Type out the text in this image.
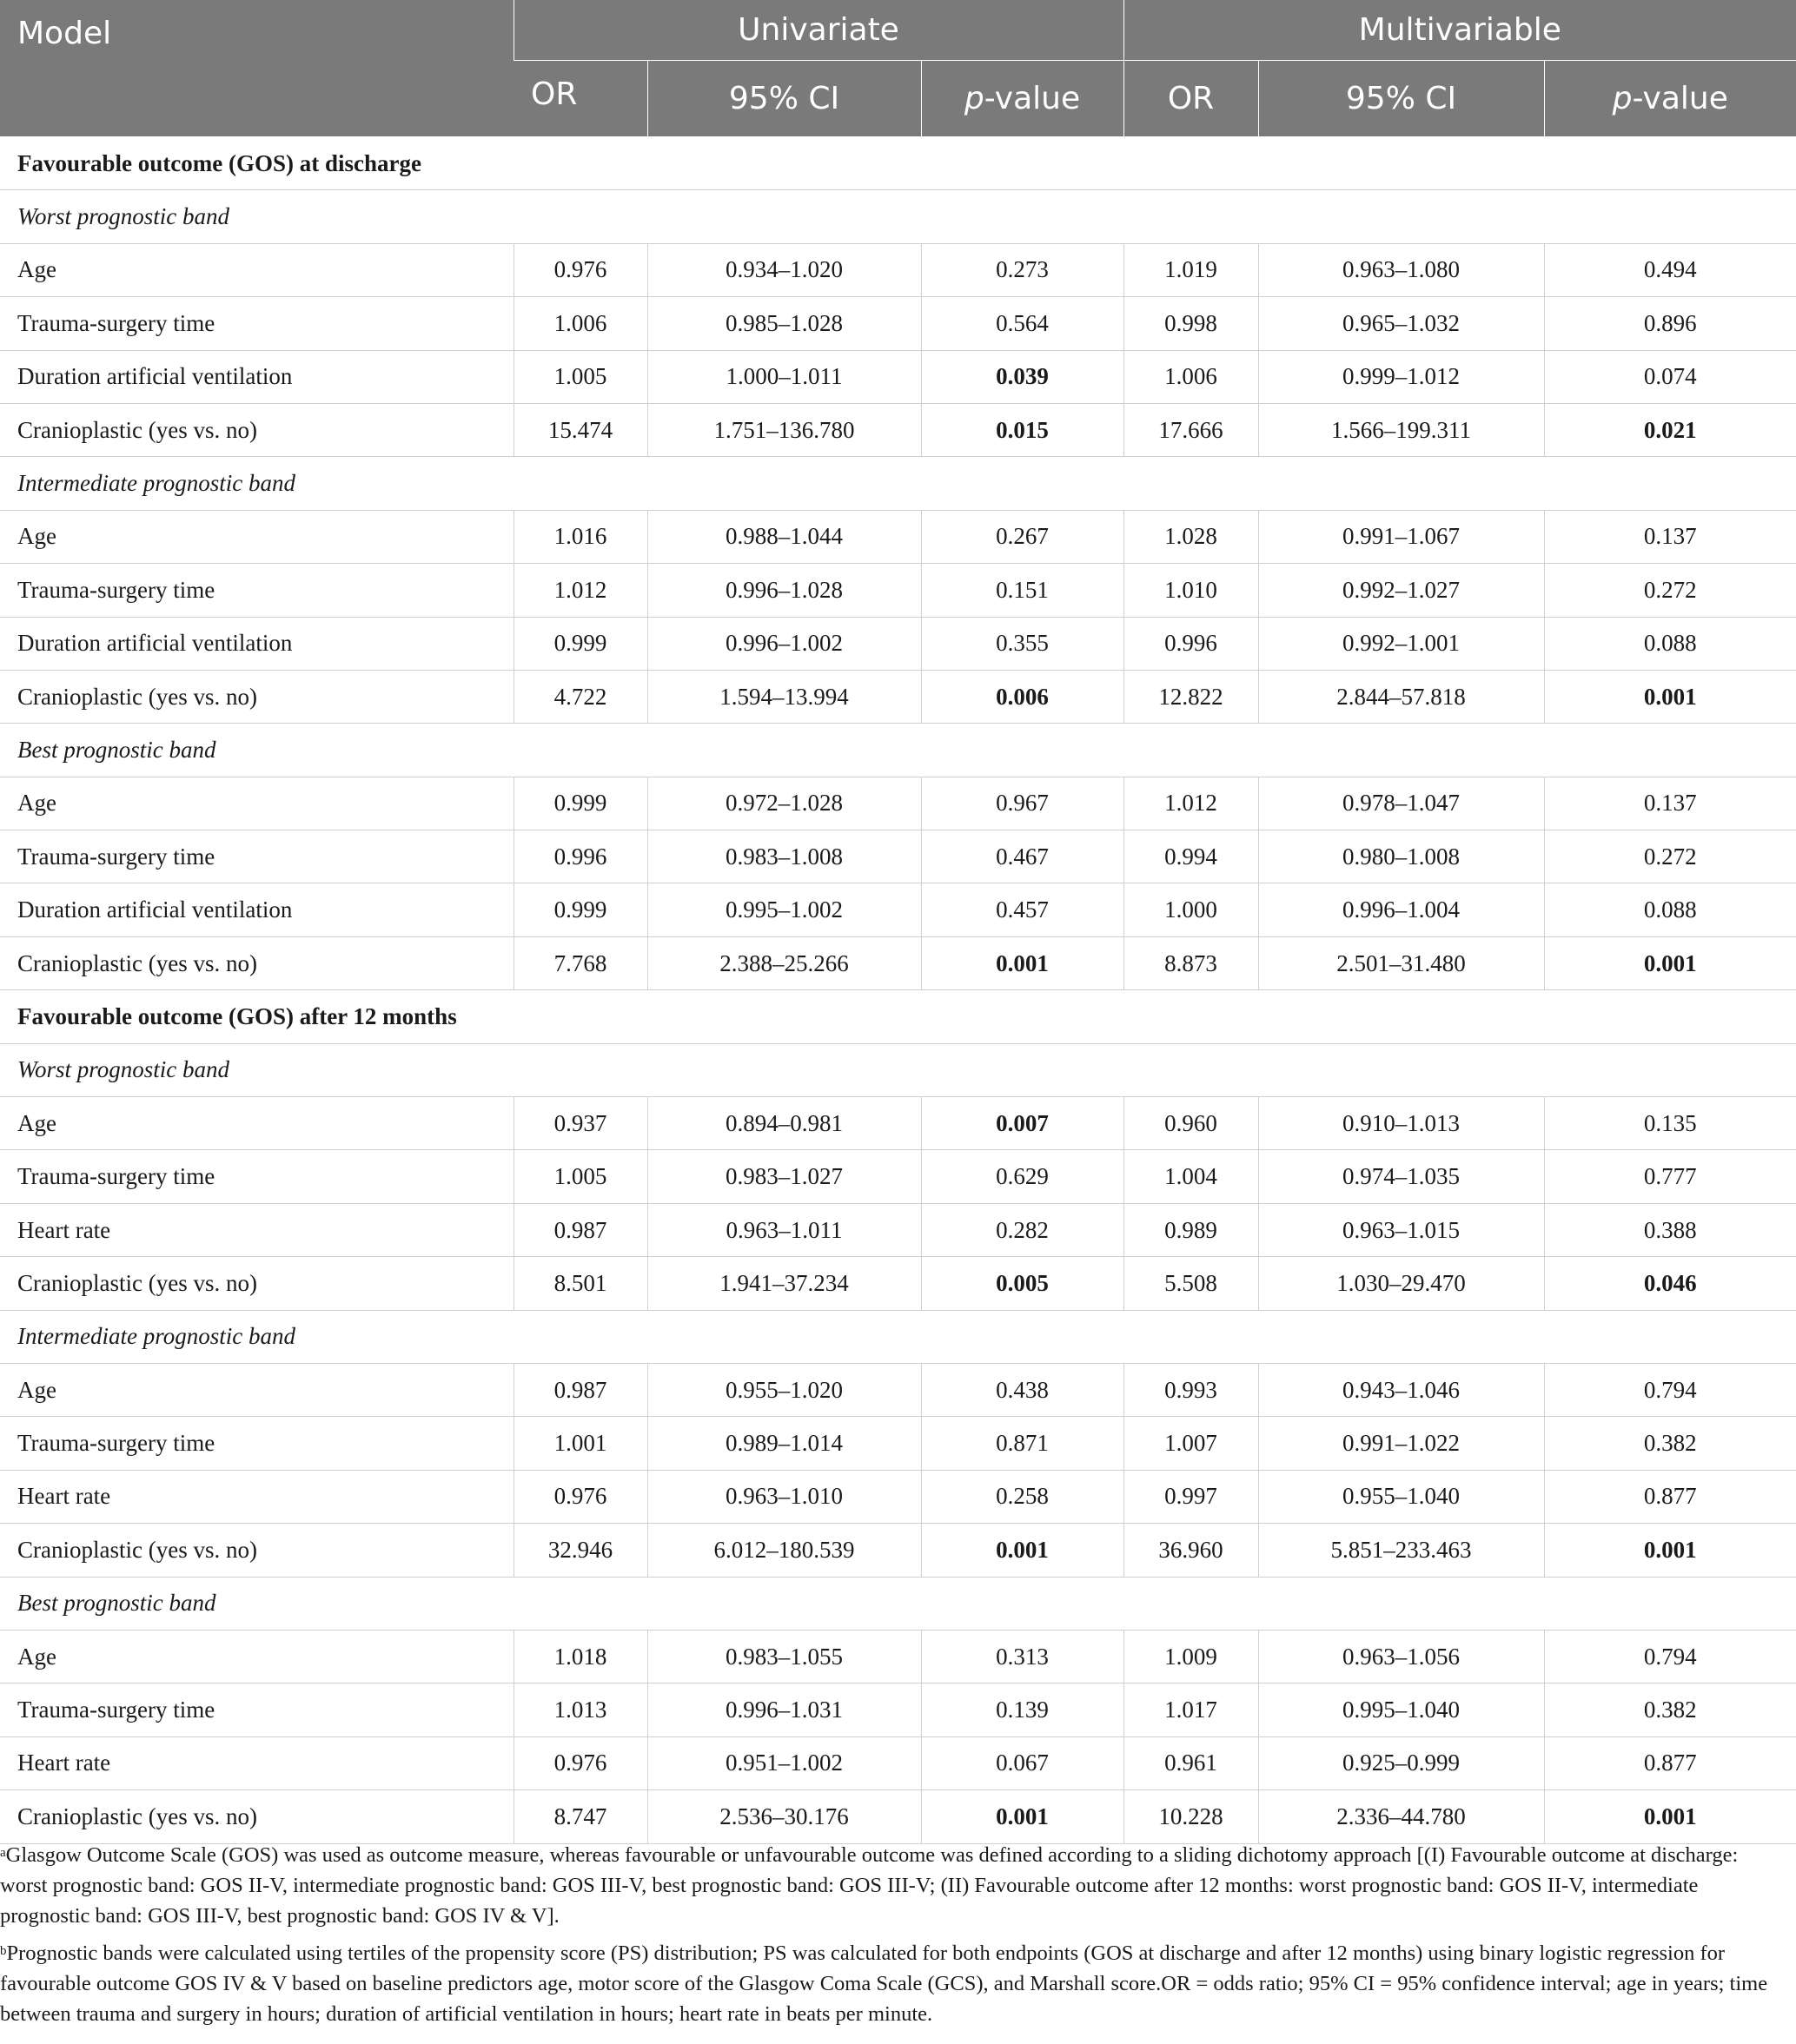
Model	Univariate			Multivariable		
	OR	95% CI	p-value	OR	95% CI	p-value
Favourable outcome (GOS) at discharge						
Worst prognostic band						
Age	0.976	0.934–1.020	0.273	1.019	0.963–1.080	0.494
Trauma-surgery time	1.006	0.985–1.028	0.564	0.998	0.965–1.032	0.896
Duration artificial ventilation	1.005	1.000–1.011	0.039	1.006	0.999–1.012	0.074
Cranioplastic (yes vs. no)	15.474	1.751–136.780	0.015	17.666	1.566–199.311	0.021
Intermediate prognostic band						
Age	1.016	0.988–1.044	0.267	1.028	0.991–1.067	0.137
Trauma-surgery time	1.012	0.996–1.028	0.151	1.010	0.992–1.027	0.272
Duration artificial ventilation	0.999	0.996–1.002	0.355	0.996	0.992–1.001	0.088
Cranioplastic (yes vs. no)	4.722	1.594–13.994	0.006	12.822	2.844–57.818	0.001
Best prognostic band						
Age	0.999	0.972–1.028	0.967	1.012	0.978–1.047	0.137
Trauma-surgery time	0.996	0.983–1.008	0.467	0.994	0.980–1.008	0.272
Duration artificial ventilation	0.999	0.995–1.002	0.457	1.000	0.996–1.004	0.088
Cranioplastic (yes vs. no)	7.768	2.388–25.266	0.001	8.873	2.501–31.480	0.001
Favourable outcome (GOS) after 12 months						
Worst prognostic band						
Age	0.937	0.894–0.981	0.007	0.960	0.910–1.013	0.135
Trauma-surgery time	1.005	0.983–1.027	0.629	1.004	0.974–1.035	0.777
Heart rate	0.987	0.963–1.011	0.282	0.989	0.963–1.015	0.388
Cranioplastic (yes vs. no)	8.501	1.941–37.234	0.005	5.508	1.030–29.470	0.046
Intermediate prognostic band						
Age	0.987	0.955–1.020	0.438	0.993	0.943–1.046	0.794
Trauma-surgery time	1.001	0.989–1.014	0.871	1.007	0.991–1.022	0.382
Heart rate	0.976	0.963–1.010	0.258	0.997	0.955–1.040	0.877
Cranioplastic (yes vs. no)	32.946	6.012–180.539	0.001	36.960	5.851–233.463	0.001
Best prognostic band						
Age	1.018	0.983–1.055	0.313	1.009	0.963–1.056	0.794
Trauma-surgery time	1.013	0.996–1.031	0.139	1.017	0.995–1.040	0.382
Heart rate	0.976	0.951–1.002	0.067	0.961	0.925–0.999	0.877
Cranioplastic (yes vs. no)	8.747	2.536–30.176	0.001	10.228	2.336–44.780	0.001

$^a$Glasgow Outcome Scale (GOS) was used as outcome measure, whereas favourable or unfavourable outcome was defined according to a sliding dichotomy approach [(I) Favourable outcome at discharge: worst prognostic band: GOS II-V, intermediate prognostic band: GOS III-V, best prognostic band: GOS III-V; (II) Favourable outcome after 12 months: worst prognostic band: GOS II-V, intermediate prognostic band: GOS III-V, best prognostic band: GOS IV & V].

$^b$Prognostic bands were calculated using tertiles of the propensity score (PS) distribution; PS was calculated for both endpoints (GOS at discharge and after 12 months) using binary logistic regression for favourable outcome GOS IV & V based on baseline predictors age, motor score of the Glasgow Coma Scale (GCS), and Marshall score.OR = odds ratio; 95% CI = 95% confidence interval; age in years; time between trauma and surgery in hours; duration of artificial ventilation in hours; heart rate in beats per minute.
